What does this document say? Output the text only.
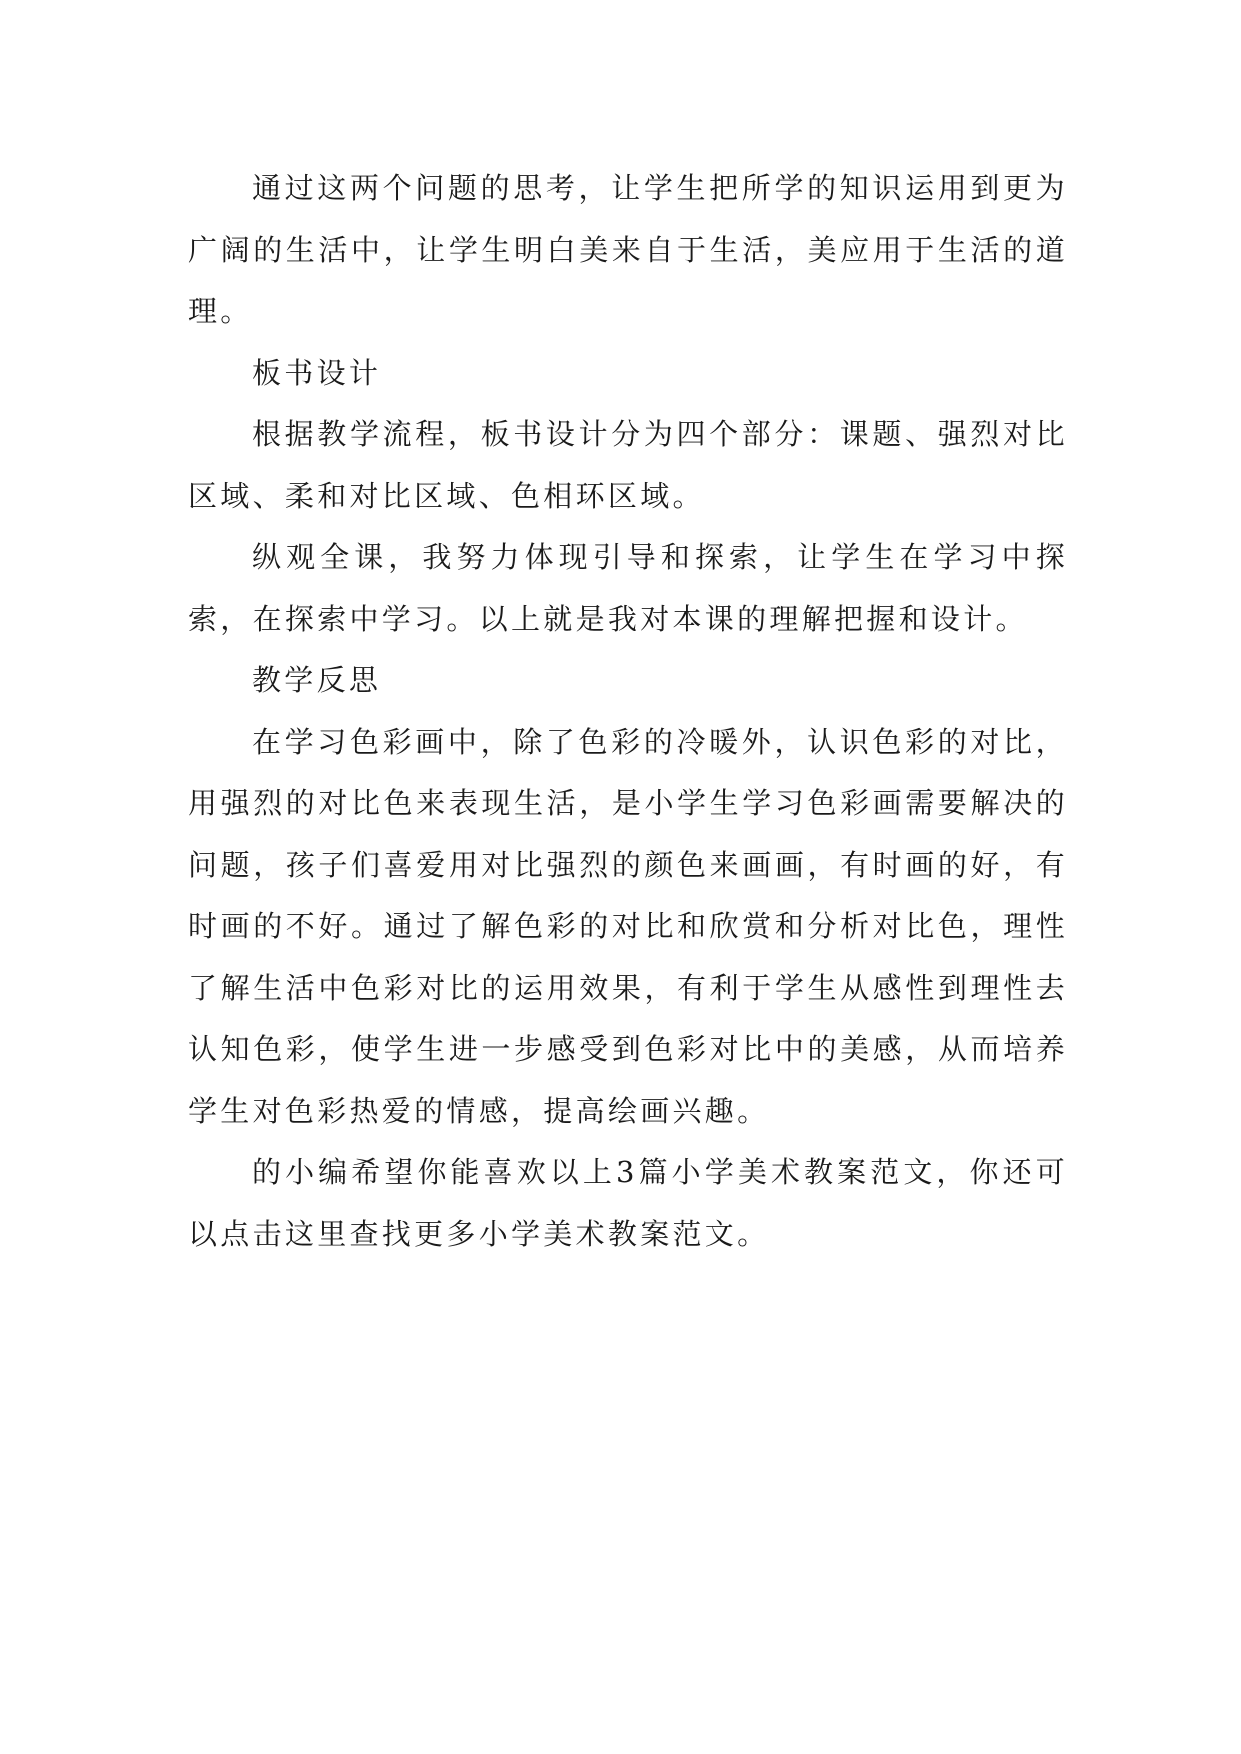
通过这两个问题的思考，让学生把所学的知识运用到更为广阔的生活中，让学生明白美来自于生活，美应用于生活的道理。

板书设计

根据教学流程，板书设计分为四个部分：课题、强烈对比区域、柔和对比区域、色相环区域。

纵观全课，我努力体现引导和探索，让学生在学习中探索，在探索中学习。以上就是我对本课的理解把握和设计。

教学反思

在学习色彩画中，除了色彩的冷暖外，认识色彩的对比，用强烈的对比色来表现生活，是小学生学习色彩画需要解决的问题，孩子们喜爱用对比强烈的颜色来画画，有时画的好，有时画的不好。通过了解色彩的对比和欣赏和分析对比色，理性了解生活中色彩对比的运用效果，有利于学生从感性到理性去认知色彩，使学生进一步感受到色彩对比中的美感，从而培养学生对色彩热爱的情感，提高绘画兴趣。

的小编希望你能喜欢以上3篇小学美术教案范文，你还可以点击这里查找更多小学美术教案范文。
